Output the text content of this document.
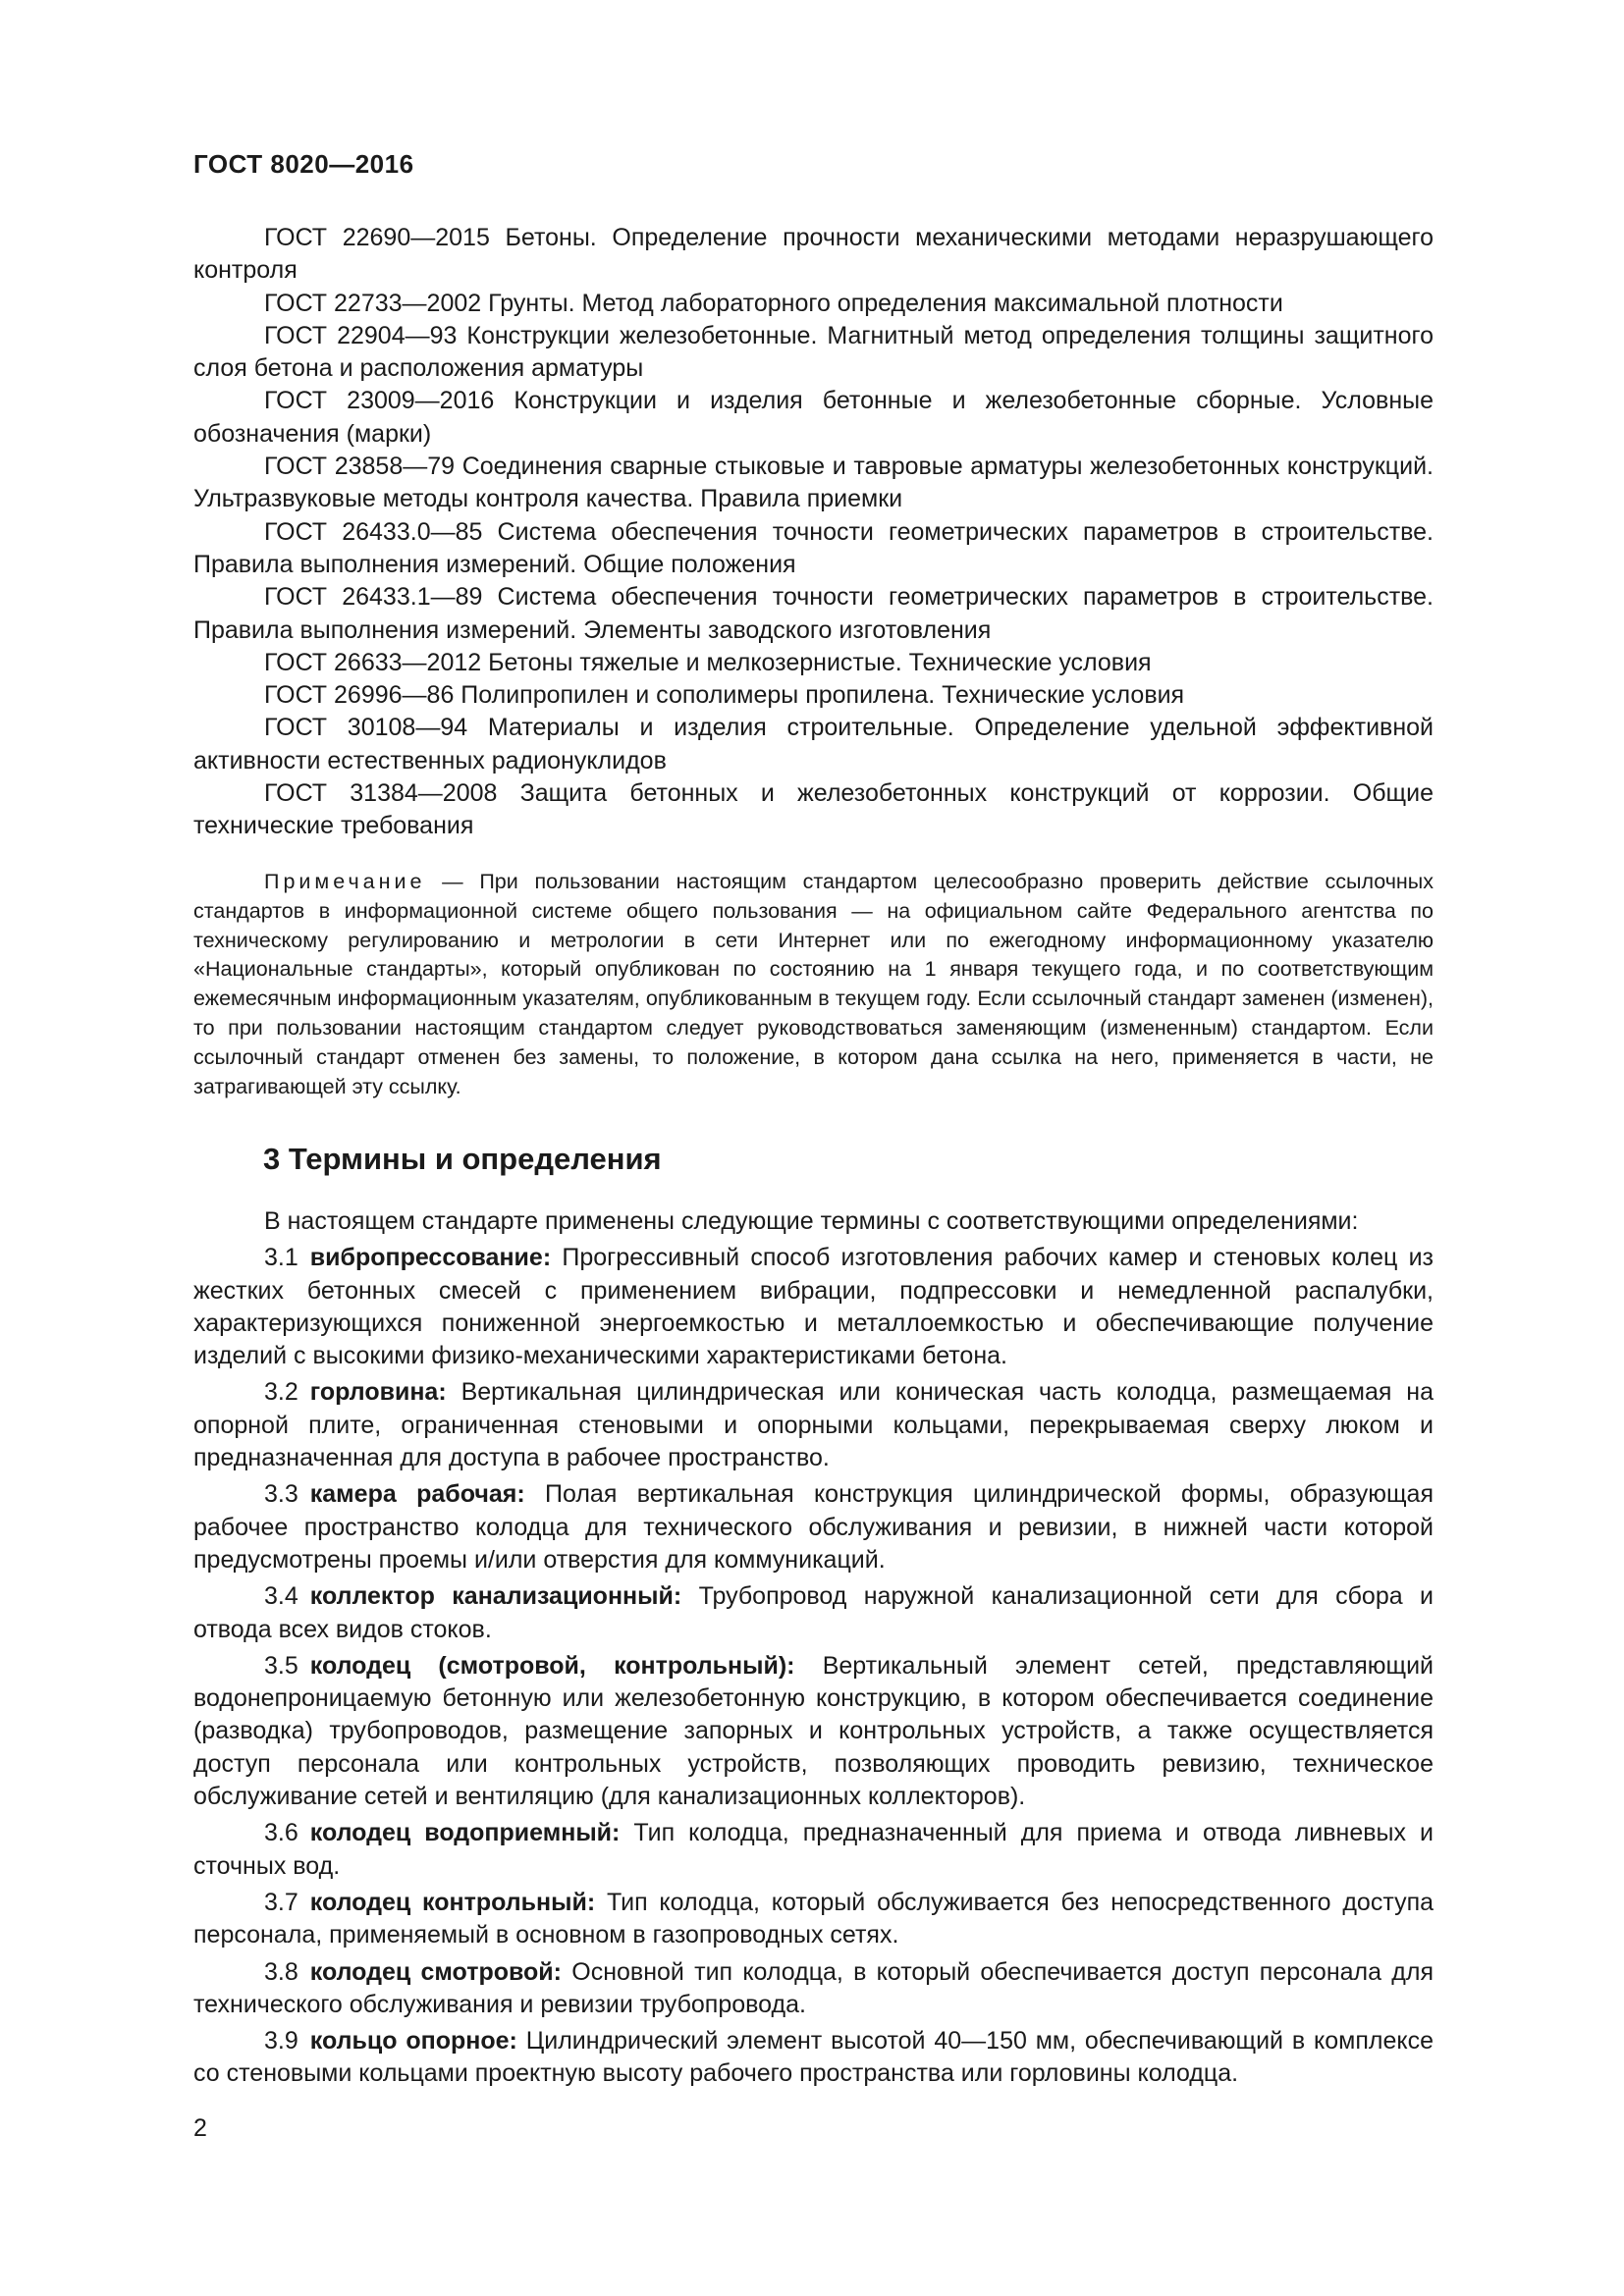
ГОСТ 8020—2016

ГОСТ 22690—2015 Бетоны. Определение прочности механическими методами неразрушающего контроля

ГОСТ 22733—2002 Грунты. Метод лабораторного определения максимальной плотности

ГОСТ 22904—93 Конструкции железобетонные. Магнитный метод определения толщины защитного слоя бетона и расположения арматуры

ГОСТ 23009—2016 Конструкции и изделия бетонные и железобетонные сборные. Условные обозначения (марки)

ГОСТ 23858—79 Соединения сварные стыковые и тавровые арматуры железобетонных конструкций. Ультразвуковые методы контроля качества. Правила приемки

ГОСТ 26433.0—85 Система обеспечения точности геометрических параметров в строительстве. Правила выполнения измерений. Общие положения

ГОСТ 26433.1—89 Система обеспечения точности геометрических параметров в строительстве. Правила выполнения измерений. Элементы заводского изготовления

ГОСТ 26633—2012 Бетоны тяжелые и мелкозернистые. Технические условия

ГОСТ 26996—86 Полипропилен и сополимеры пропилена. Технические условия

ГОСТ 30108—94 Материалы и изделия строительные. Определение удельной эффективной активности естественных радионуклидов

ГОСТ 31384—2008 Защита бетонных и железобетонных конструкций от коррозии. Общие технические требования

Примечание — При пользовании настоящим стандартом целесообразно проверить действие ссылочных стандартов в информационной системе общего пользования — на официальном сайте Федерального агентства по техническому регулированию и метрологии в сети Интернет или по ежегодному информационному указателю «Национальные стандарты», который опубликован по состоянию на 1 января текущего года, и по соответствующим ежемесячным информационным указателям, опубликованным в текущем году. Если ссылочный стандарт заменен (изменен), то при пользовании настоящим стандартом следует руководствоваться заменяющим (измененным) стандартом. Если ссылочный стандарт отменен без замены, то положение, в котором дана ссылка на него, применяется в части, не затрагивающей эту ссылку.

3 Термины и определения

В настоящем стандарте применены следующие термины с соответствующими определениями:

3.1 вибропрессование: Прогрессивный способ изготовления рабочих камер и стеновых колец из жестких бетонных смесей с применением вибрации, подпрессовки и немедленной распалубки, характеризующихся пониженной энергоемкостью и металлоемкостью и обеспечивающие получение изделий с высокими физико-механическими характеристиками бетона.

3.2 горловина: Вертикальная цилиндрическая или коническая часть колодца, размещаемая на опорной плите, ограниченная стеновыми и опорными кольцами, перекрываемая сверху люком и предназначенная для доступа в рабочее пространство.

3.3 камера рабочая: Полая вертикальная конструкция цилиндрической формы, образующая рабочее пространство колодца для технического обслуживания и ревизии, в нижней части которой предусмотрены проемы и/или отверстия для коммуникаций.

3.4 коллектор канализационный: Трубопровод наружной канализационной сети для сбора и отвода всех видов стоков.

3.5 колодец (смотровой, контрольный): Вертикальный элемент сетей, представляющий водонепроницаемую бетонную или железобетонную конструкцию, в котором обеспечивается соединение (разводка) трубопроводов, размещение запорных и контрольных устройств, а также осуществляется доступ персонала или контрольных устройств, позволяющих проводить ревизию, техническое обслуживание сетей и вентиляцию (для канализационных коллекторов).

3.6 колодец водоприемный: Тип колодца, предназначенный для приема и отвода ливневых и сточных вод.

3.7 колодец контрольный: Тип колодца, который обслуживается без непосредственного доступа персонала, применяемый в основном в газопроводных сетях.

3.8 колодец смотровой: Основной тип колодца, в который обеспечивается доступ персонала для технического обслуживания и ревизии трубопровода.

3.9 кольцо опорное: Цилиндрический элемент высотой 40—150 мм, обеспечивающий в комплексе со стеновыми кольцами проектную высоту рабочего пространства или горловины колодца.

2
